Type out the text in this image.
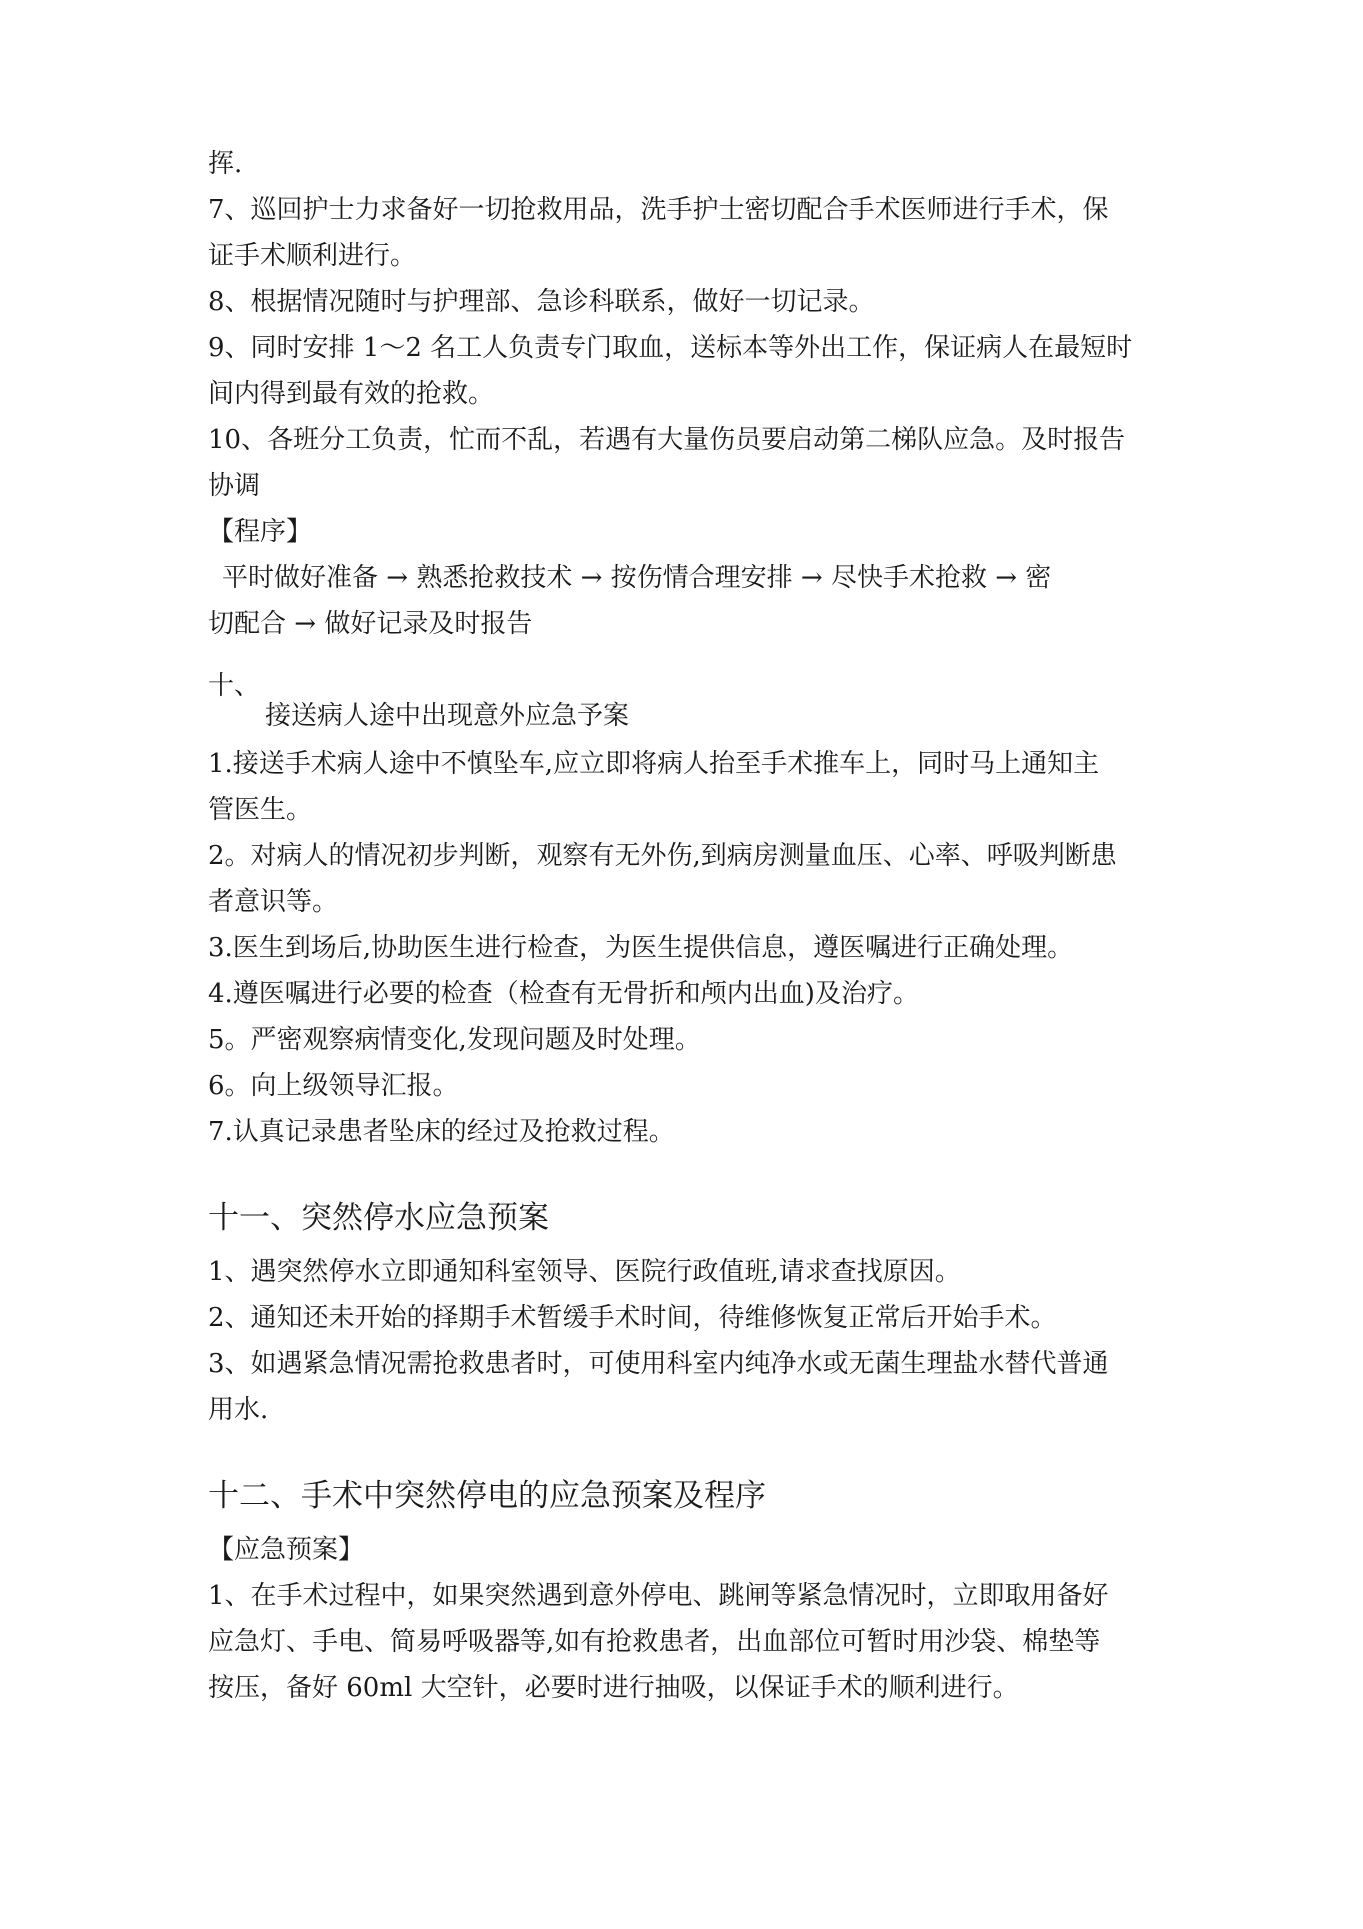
挥.

7、巡回护士力求备好一切抢救用品，洗手护士密切配合手术医师进行手术，保

证手术顺利进行。

8、根据情况随时与护理部、急诊科联系，做好一切记录。

9、同时安排 1～2 名工人负责专门取血，送标本等外出工作，保证病人在最短时

间内得到最有效的抢救。

10、各班分工负责，忙而不乱，若遇有大量伤员要启动第二梯队应急。及时报告

协调

【程序】

平时做好准备 → 熟悉抢救技术 → 按伤情合理安排 → 尽快手术抢救 → 密

切配合 → 做好记录及时报告

十、

接送病人途中出现意外应急予案

1.接送手术病人途中不慎坠车,应立即将病人抬至手术推车上，同时马上通知主

管医生。

2。对病人的情况初步判断，观察有无外伤,到病房测量血压、心率、呼吸判断患

者意识等。

3.医生到场后,协助医生进行检查，为医生提供信息，遵医嘱进行正确处理。

4.遵医嘱进行必要的检查（检查有无骨折和颅内出血)及治疗。

5。严密观察病情变化,发现问题及时处理。

6。向上级领导汇报。

7.认真记录患者坠床的经过及抢救过程。

十一、突然停水应急预案

1、遇突然停水立即通知科室领导、医院行政值班,请求查找原因。

2、通知还未开始的择期手术暂缓手术时间，待维修恢复正常后开始手术。

3、如遇紧急情况需抢救患者时，可使用科室内纯净水或无菌生理盐水替代普通

用水.

十二、手术中突然停电的应急预案及程序

【应急预案】

1、在手术过程中，如果突然遇到意外停电、跳闸等紧急情况时，立即取用备好

应急灯、手电、简易呼吸器等,如有抢救患者，出血部位可暂时用沙袋、棉垫等

按压，备好 60ml 大空针，必要时进行抽吸，以保证手术的顺利进行。
